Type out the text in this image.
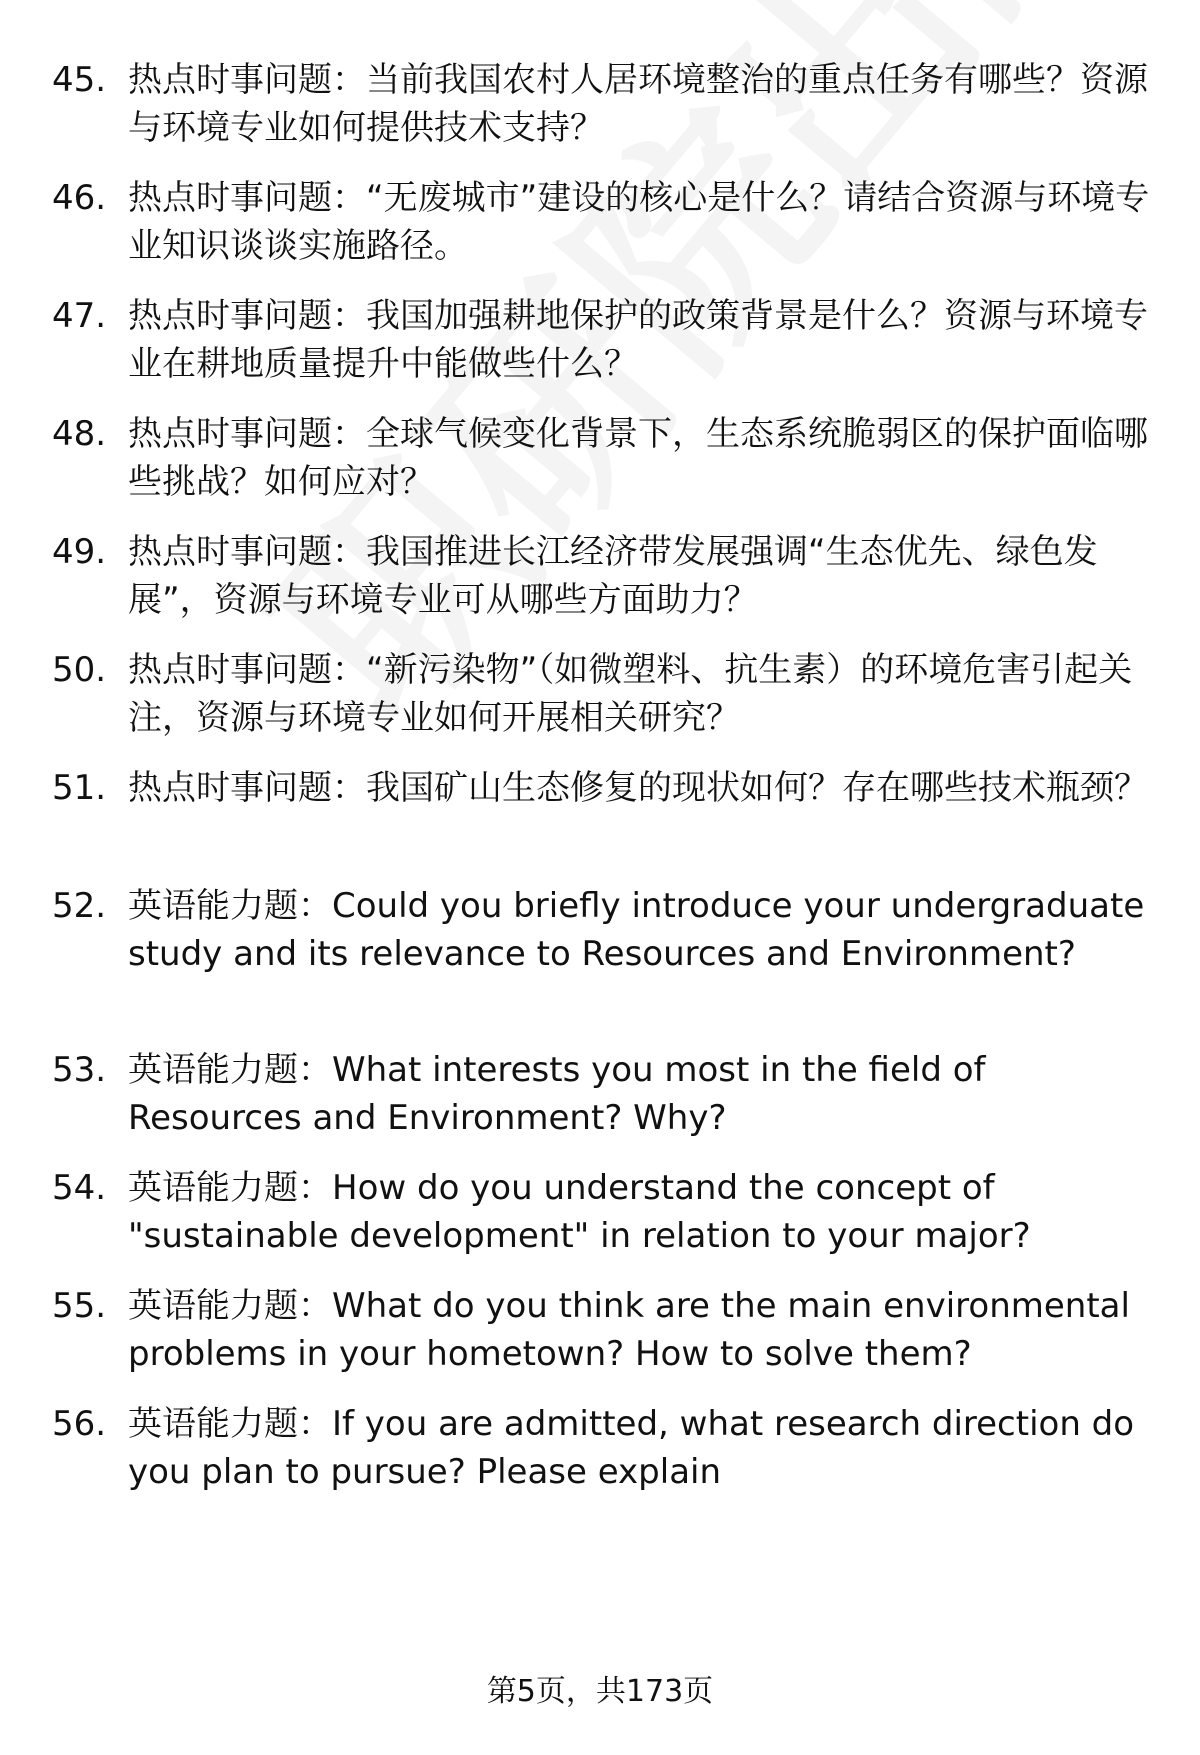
45. 热点时事问题：当前我国农村人居环境整治的重点任务有哪些？资源与环境专业如何提供技术支持？
46. 热点时事问题：“无废城市”建设的核心是什么？请结合资源与环境专业知识谈谈实施路径。
47. 热点时事问题：我国加强耕地保护的政策背景是什么？资源与环境专业在耕地质量提升中能做些什么？
48. 热点时事问题：全球气候变化背景下，生态系统脆弱区的保护面临哪些挑战？如何应对？
49. 热点时事问题：我国推进长江经济带发展强调“生态优先、绿色发展”，资源与环境专业可从哪些方面助力？
50. 热点时事问题：“新污染物”（如微塑料、抗生素）的环境危害引起关注，资源与环境专业如何开展相关研究？
51. 热点时事问题：我国矿山生态修复的现状如何？存在哪些技术瓶颈？
52. 英语能力题：Could you briefly introduce your undergraduate study and its relevance to Resources and Environment?
53. 英语能力题：What interests you most in the field of Resources and Environment? Why?
54. 英语能力题：How do you understand the concept of "sustainable development" in relation to your major?
55. 英语能力题：What do you think are the main environmental problems in your hometown? How to solve them?
56. 英语能力题：If you are admitted, what research direction do you plan to pursue? Please explain
第5页，共173页
